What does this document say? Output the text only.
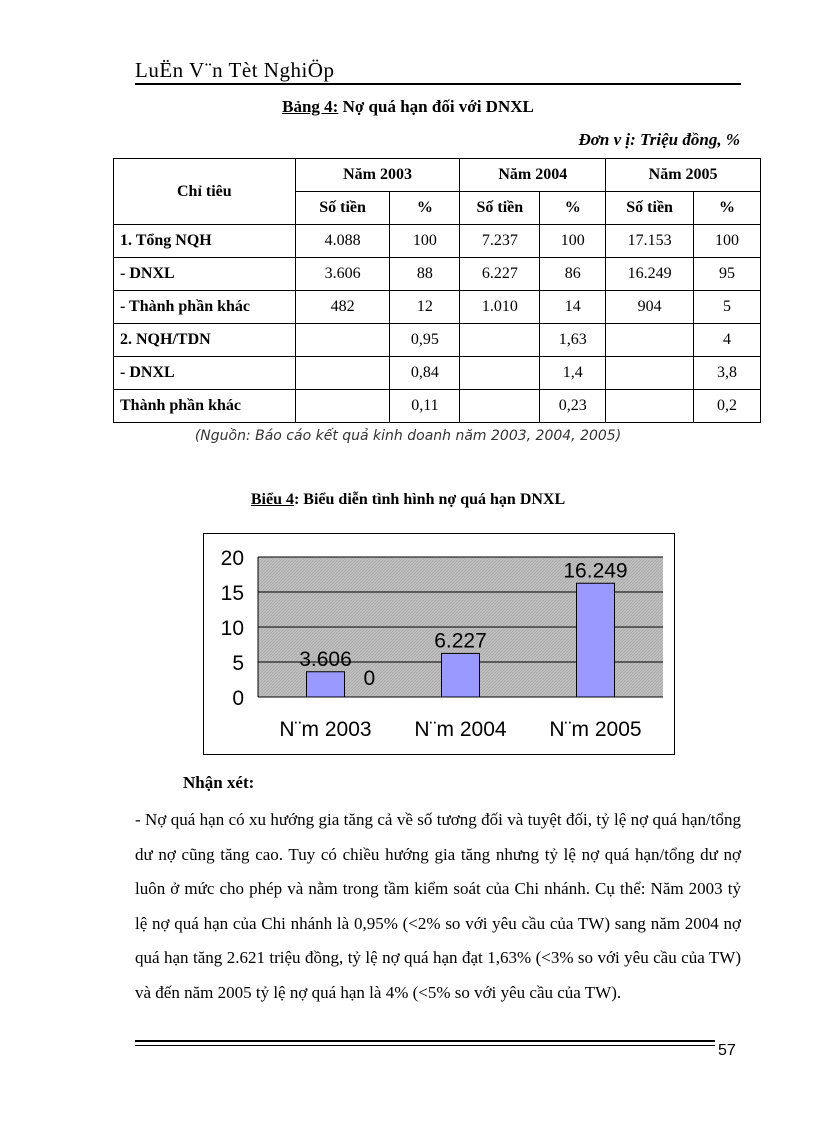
LuËn V¨n Tèt NghiÖp
Bảng 4: Nợ quá hạn đối với DNXL
Đơn v ị: Triệu đồng, %
Chỉ tiêu	Năm 2003		Năm 2004		Năm 2005	
	Số tiền	%	Số tiền	%	Số tiền	%
1. Tổng NQH	4.088	100	7.237	100	17.153	100
- DNXL	3.606	88	6.227	86	16.249	95
- Thành phần khác	482	12	1.010	14	904	5
2. NQH/TDN		0,95		1,63		4
- DNXL		0,84		1,4		3,8
Thành phần khác		0,11		0,23		0,2
(Nguồn: Báo cáo kết quả kinh doanh năm 2003, 2004, 2005)
Biểu 4: Biểu diễn tình hình nợ quá hạn DNXL
0
5
10
15
20
3.606
N¨m 2003
6.227
N¨m 2004
16.249
N¨m 2005
0
Nhận xét:
- Nợ quá hạn có xu hướng gia tăng cả về số tương đối và tuyệt đối, tỷ lệ nợ quá hạn/tổng dư nợ cũng tăng cao. Tuy có chiều hướng gia tăng nhưng tỷ lệ nợ quá hạn/tổng dư nợ luôn ở mức cho phép và nằm trong tầm kiểm soát của Chi nhánh. Cụ thể: Năm 2003 tỷ lệ nợ quá hạn của Chi nhánh là 0,95% (<2% so với yêu cầu của TW) sang năm 2004 nợ quá hạn tăng 2.621 triệu đồng, tỷ lệ nợ quá hạn đạt 1,63% (<3% so với yêu cầu của TW) và đến năm 2005 tỷ lệ nợ quá hạn là 4% (<5% so với yêu cầu của TW).
57
